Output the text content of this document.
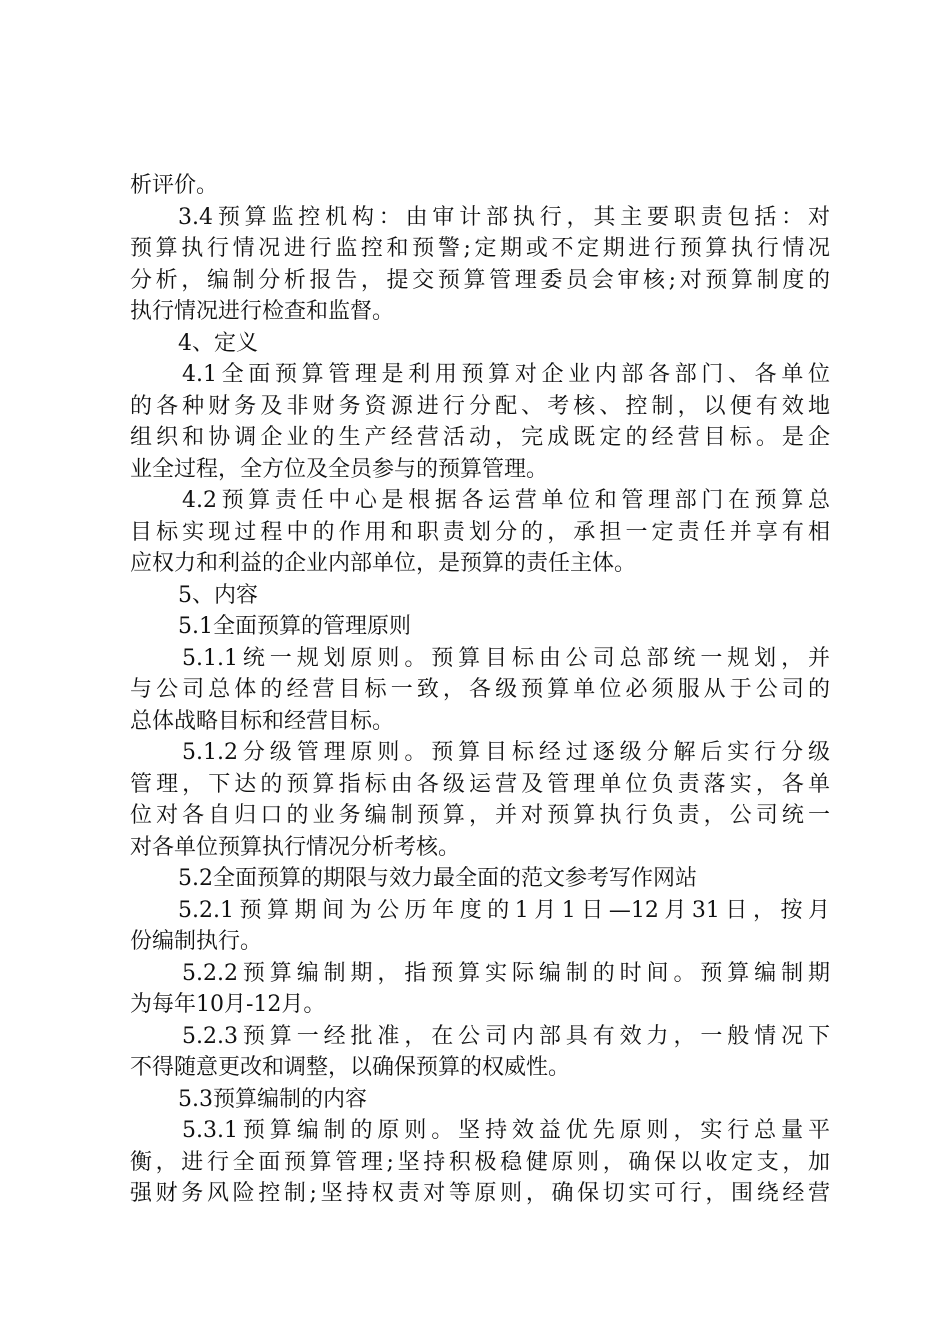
析评价。
3.4预算监控机构：由审计部执行，其主要职责包括：对
预算执行情况进行监控和预警;定期或不定期进行预算执行情况
分析，编制分析报告，提交预算管理委员会审核;对预算制度的
执行情况进行检查和监督。
4、定义
4.1全面预算管理是利用预算对企业内部各部门、各单位
的各种财务及非财务资源进行分配、考核、控制，以便有效地
组织和协调企业的生产经营活动，完成既定的经营目标。是企
业全过程，全方位及全员参与的预算管理。
4.2预算责任中心是根据各运营单位和管理部门在预算总
目标实现过程中的作用和职责划分的，承担一定责任并享有相
应权力和利益的企业内部单位，是预算的责任主体。
5、内容
5.1全面预算的管理原则
5.1.1统一规划原则。预算目标由公司总部统一规划，并
与公司总体的经营目标一致，各级预算单位必须服从于公司的
总体战略目标和经营目标。
5.1.2分级管理原则。预算目标经过逐级分解后实行分级
管理，下达的预算指标由各级运营及管理单位负责落实，各单
位对各自归口的业务编制预算，并对预算执行负责，公司统一
对各单位预算执行情况分析考核。
5.2全面预算的期限与效力最全面的范文参考写作网站
5.2.1预算期间为公历年度的1月1日—12月31日，按月
份编制执行。
5.2.2预算编制期，指预算实际编制的时间。预算编制期
为每年10月-12月。
5.2.3预算一经批准，在公司内部具有效力，一般情况下
不得随意更改和调整，以确保预算的权威性。
5.3预算编制的内容
5.3.1预算编制的原则。坚持效益优先原则，实行总量平
衡，进行全面预算管理;坚持积极稳健原则，确保以收定支，加
强财务风险控制;坚持权责对等原则，确保切实可行，围绕经营
